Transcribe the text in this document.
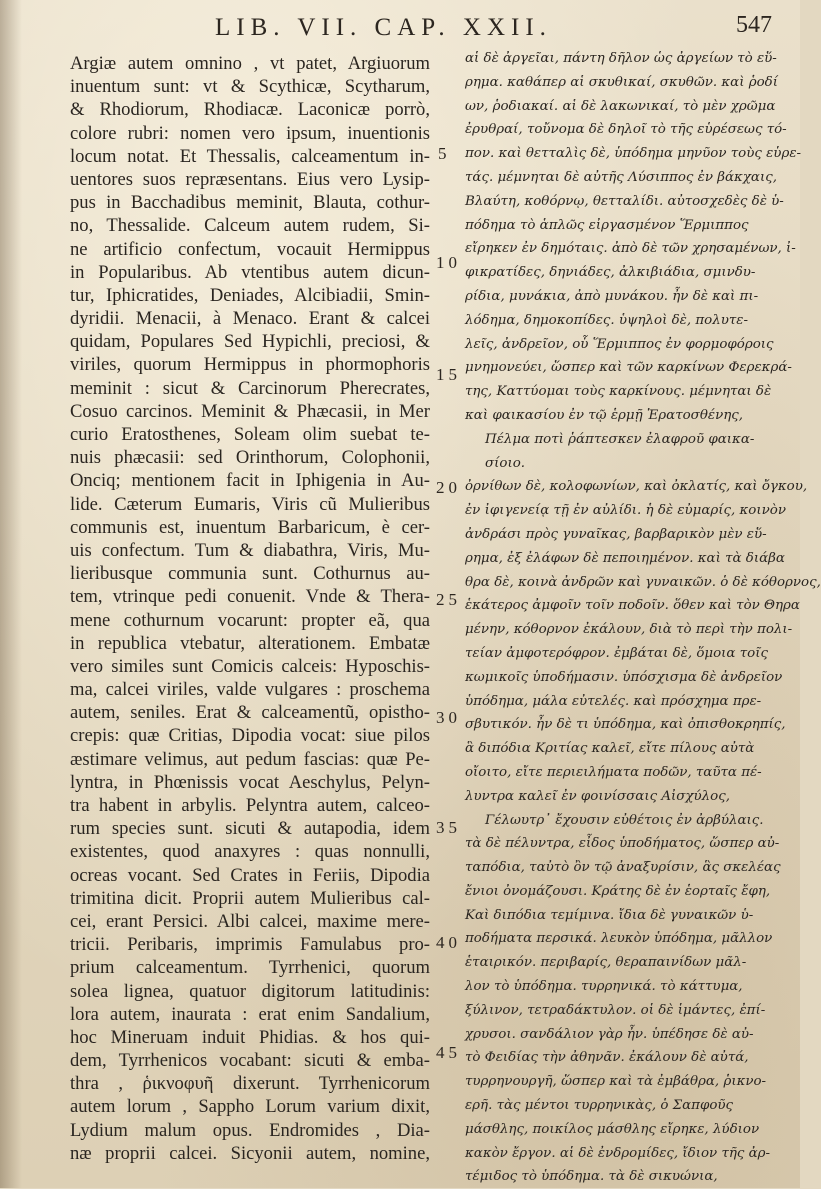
LIB. VII. CAP. XXII.	547
Argiæ autem omnino , vt patet, Argiuorum
inuentum sunt: vt & Scythicæ, Scytharum,
& Rhodiorum, Rhodiacæ. Laconicæ porrò,
colore rubri: nomen vero ipsum, inuentionis
locum notat. Et Thessalis, calceamentum in-
uentores suos repræsentans. Eius vero Lysip-
pus in Bacchadibus meminit, Blauta, cothur-
no, Thessalide. Calceum autem rudem, Si-
ne artificio confectum, vocauit Hermippus
in Popularibus. Ab vtentibus autem dicun-
tur, Iphicratides, Deniades, Alcibiadii, Smin-
dyridii. Menacii, à Menaco. Erant & calcei
quidam, Populares Sed Hypichli, preciosi, &
viriles, quorum Hermippus in phormophoris
meminit : sicut & Carcinorum Pherecrates,
Cosuo carcinos. Meminit & Phæcasii, in Mer
curio Eratosthenes, Soleam olim suebat te-
nuis phæcasii: sed Orinthorum, Colophonii,
Onciq; mentionem facit in Iphigenia in Au-
lide. Cæterum Eumaris, Viris cũ Mulieribus
communis est, inuentum Barbaricum, è cer-
uis confectum. Tum & diabathra, Viris, Mu-
lieribusque communia sunt. Cothurnus au-
tem, vtrinque pedi conuenit. Vnde & Thera-
mene cothurnum vocarunt: propter eã, qua
in republica vtebatur, alterationem. Embatæ
vero similes sunt Comicis calceis: Hyposchis-
ma, calcei viriles, valde vulgares : proschema
autem, seniles. Erat & calceamentũ, opistho-
crepis: quæ Critias, Dipodia vocat: siue pilos
æstimare velimus, aut pedum fascias: quæ Pe-
lyntra, in Phœnissis vocat Aeschylus, Pelyn-
tra habent in arbylis. Pelyntra autem, calceo-
rum species sunt. sicuti & autapodia, idem
existentes, quod anaxyres : quas nonnulli,
ocreas vocant. Sed Crates in Feriis, Dipodia
trimitina dicit. Proprii autem Mulieribus cal-
cei, erant Persici. Albi calcei, maxime mere-
tricii. Peribaris, imprimis Famulabus pro-
prium calceamentum. Tyrrhenici, quorum
solea lignea, quatuor digitorum latitudinis:
lora autem, inaurata : erat enim Sandalium,
hoc Mineruam induit Phidias. & hos qui-
dem, Tyrrhenicos vocabant: sicuti & emba-
thra , ῥικνοφυῆ dixerunt. Tyrrhenicorum
autem lorum , Sappho Lorum varium dixit,
Lydium malum opus. Endromides , Dia-
næ proprii calcei. Sicyonii autem, nomine,
5
10
15
20
25
30
35
40
45
αἱ δὲ ἀργεῖαι, πάντη δῆλον ὡς ἀργείων τὸ εὕ-
ρημα. καθάπερ αἱ σκυθικαί, σκυθῶν. καὶ ῥοδί
ων, ῥοδιακαί. αἱ δὲ λακωνικαί, τὸ μὲν χρῶμα
ἐρυθραί, τοὔνομα δὲ δηλοῖ τὸ τῆς εὑρέσεως τό-
πον. καὶ θετταλὶς δὲ, ὑπόδημα μηνῦον τοὺς εὑρε-
τάς. μέμνηται δὲ αὐτῆς Λύσιππος ἐν βάκχαις,
Βλαύτη, κοθόρνῳ, θετταλίδι. αὐτοσχεδὲς δὲ ὑ-
πόδημα τὸ ἁπλῶς εἰργασμένον Ἕρμιππος
εἴρηκεν ἐν δημόταις. ἀπὸ δὲ τῶν χρησαμένων, ἰ-
φικρατίδες, δηνιάδες, ἀλκιβιάδια, σμινδυ-
ρίδια, μυνάκια, ἀπὸ μυνάκου. ἦν δὲ καὶ πι-
λόδημα, δημοκοπίδες. ὑψηλοὶ δὲ, πολυτε-
λεῖς, ἀνδρεῖον, οὗ Ἕρμιππος ἐν φορμοφόροις
μνημονεύει, ὥσπερ καὶ τῶν καρκίνων Φερεκρά-
της, Καττύομαι τοὺς καρκίνους. μέμνηται δὲ
καὶ φαικασίου ἐν τῷ ἑρμῇ Ἐρατοσθένης,
Πέλμα ποτὶ ῥάπτεσκεν ἐλαφροῦ φαικα-
σίοιο.
ὀρνίθων δὲ, κολοφωνίων, καὶ ὀκλατίς, καὶ ὄγκου,
ἐν ἰφιγενείᾳ τῇ ἐν αὐλίδι. ἡ δὲ εὐμαρίς, κοινὸν
ἀνδράσι πρὸς γυναῖκας, βαρβαρικὸν μὲν εὕ-
ρημα, ἐξ ἐλάφων δὲ πεποιημένον. καὶ τὰ διάβα
θρα δὲ, κοινὰ ἀνδρῶν καὶ γυναικῶν. ὁ δὲ κόθορνος,
ἑκάτερος ἀμφοῖν τοῖν ποδοῖν. ὅθεν καὶ τὸν Θηρα
μένην, κόθορνον ἐκάλουν, διὰ τὸ περὶ τὴν πολι-
τείαν ἀμφοτερόφρον. ἐμβάται δὲ, ὅμοια τοῖς
κωμικοῖς ὑποδήμασιν. ὑπόσχισμα δὲ ἀνδρεῖον
ὑπόδημα, μάλα εὐτελές. καὶ πρόσχημα πρε-
σβυτικόν. ἦν δὲ τι ὑπόδημα, καὶ ὀπισθοκρηπίς,
ἃ διπόδια Κριτίας καλεῖ, εἴτε πίλους αὐτὰ
οἴοιτο, εἴτε περιειλήματα ποδῶν, ταῦτα πέ-
λυντρα καλεῖ ἐν φοινίσσαις Αἰσχύλος,
Γέλωυτρ᾽ ἔχουσιν εὐθέτοις ἐν ἀρβύλαις.
τὰ δὲ πέλυντρα, εἶδος ὑποδήματος, ὥσπερ αὐ-
ταπόδια, ταὐτὸ ὂν τῷ ἀναξυρίσιν, ἃς σκελέας
ἔνιοι ὀνομάζουσι. Κράτης δὲ ἐν ἑορταῖς ἔφη,
Καὶ διπόδια τεμίμινα. ἴδια δὲ γυναικῶν ὑ-
ποδήματα περσικά. λευκὸν ὑπόδημα, μᾶλλον
ἑταιρικόν. περιβαρίς, θεραπαινίδων μᾶλ-
λον τὸ ὑπόδημα. τυρρηνικά. τὸ κάττυμα,
ξύλινον, τετραδάκτυλον. οἱ δὲ ἱμάντες, ἐπί-
χρυσοι. σανδάλιον γὰρ ἦν. ὑπέδησε δὲ αὐ-
τὸ Φειδίας τὴν ἀθηνᾶν. ἐκάλουν δὲ αὐτά,
τυρρηνουργῆ, ὥσπερ καὶ τὰ ἐμβάθρα, ῥικνο-
ερῆ. τὰς μέντοι τυρρηνικὰς, ὁ Σαπφοῦς
μάσθλης, ποικίλος μάσθλης εἴρηκε, λύδιον
κακὸν ἔργον. αἱ δὲ ἐνδρομίδες, ἴδιον τῆς ἀρ-
τέμιδος τὸ ὑπόδημα. τὰ δὲ σικυώνια,
